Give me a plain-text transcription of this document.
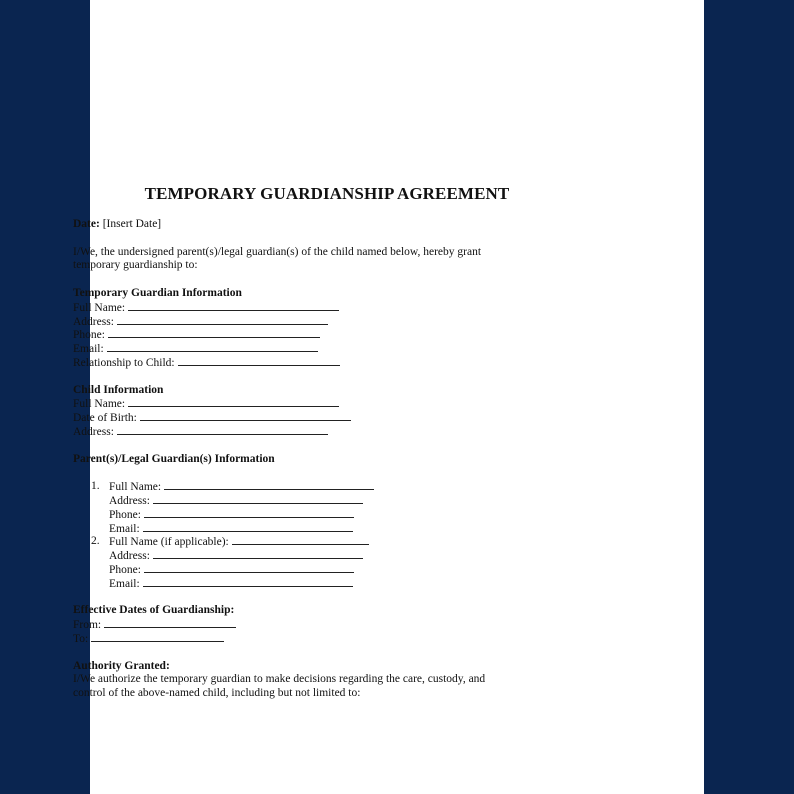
TEMPORARY GUARDIANSHIP AGREEMENT
Date: [Insert Date]
I/We, the undersigned parent(s)/legal guardian(s) of the child named below, hereby grant
temporary guardianship to:
Temporary Guardian Information
Full Name:
Address:
Phone:
Email:
Relationship to Child:
Child Information
Full Name:
Date of Birth:
Address:
Parent(s)/Legal Guardian(s) Information
1. Full Name:
Address:
Phone:
Email:
2. Full Name (if applicable):
Address:
Phone:
Email:
Effective Dates of Guardianship:
From:
To:
Authority Granted:
I/We authorize the temporary guardian to make decisions regarding the care, custody, and
control of the above-named child, including but not limited to:
